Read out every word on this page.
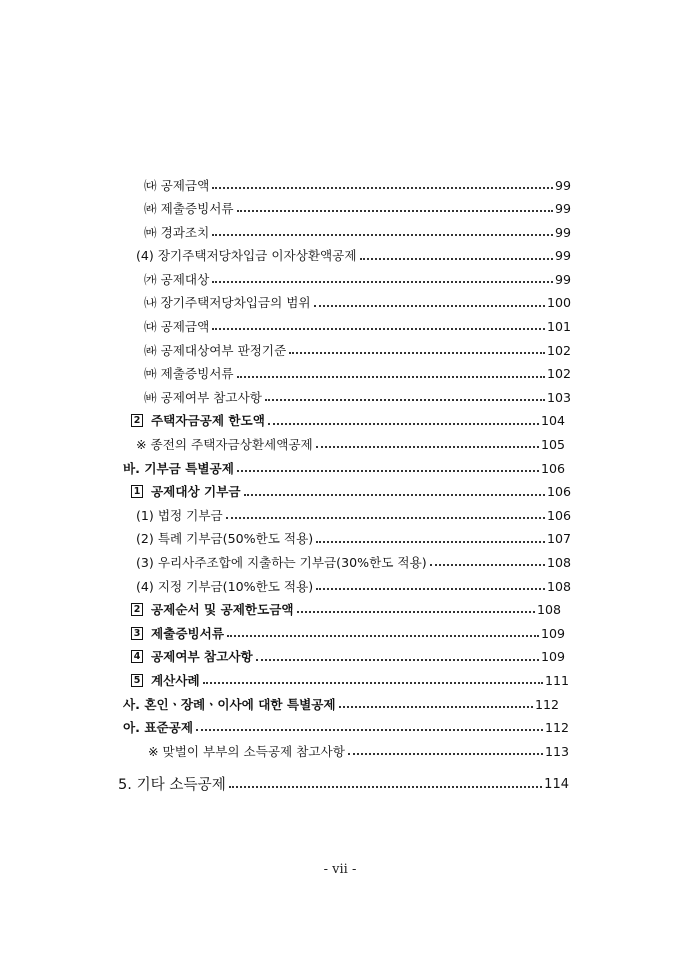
㈐ 공제금액	99
㈑ 제출증빙서류	99
㈒ 경과조치	99
(4) 장기주택저당차입금 이자상환액공제	99
㈎ 공제대상	99
㈏ 장기주택저당차입금의 범위	100
㈐ 공제금액	101
㈑ 공제대상여부 판정기준	102
㈒ 제출증빙서류	102
㈓ 공제여부 참고사항	103
2 주택자금공제 한도액	104
※ 종전의 주택자금상환세액공제	105
바. 기부금 특별공제	106
1 공제대상 기부금	106
(1) 법정 기부금	106
(2) 특례 기부금(50%한도 적용)	107
(3) 우리사주조합에 지출하는 기부금(30%한도 적용)	108
(4) 지정 기부금(10%한도 적용)	108
2 공제순서 및 공제한도금액	108
3 제출증빙서류	109
4 공제여부 참고사항	109
5 계산사례	111
사. 혼인ㆍ장례ㆍ이사에 대한 특별공제	112
아. 표준공제	112
※ 맞벌이 부부의 소득공제 참고사항	113
5. 기타 소득공제	114
- vii -
